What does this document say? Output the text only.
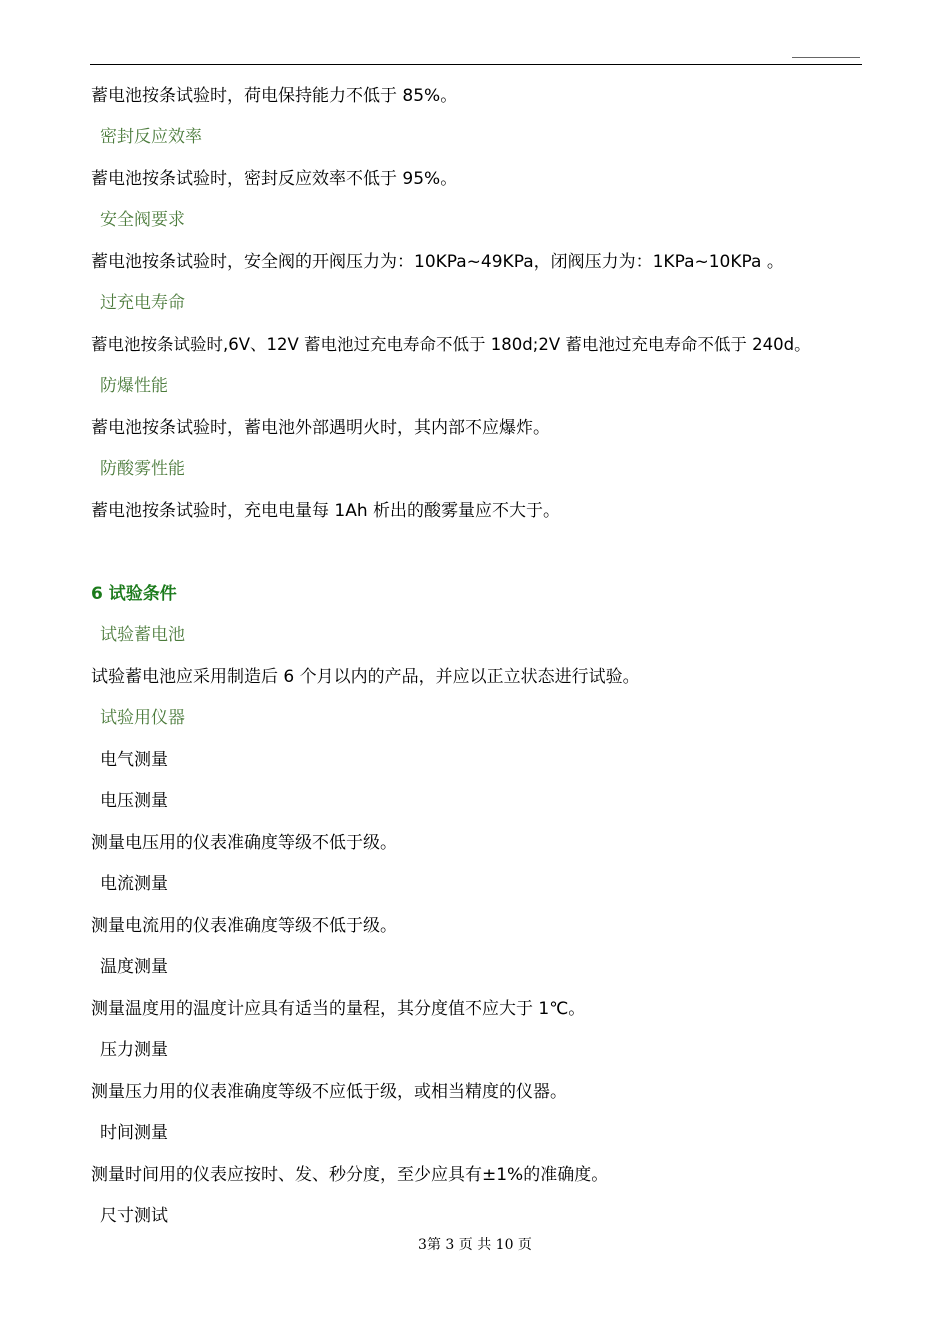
蓄电池按条试验时，荷电保持能力不低于 85%。
密封反应效率
蓄电池按条试验时，密封反应效率不低于 95%。
安全阀要求
蓄电池按条试验时，安全阀的开阀压力为：10KPa~49KPa，闭阀压力为：1KPa~10KPa 。
过充电寿命
蓄电池按条试验时,6V、12V 蓄电池过充电寿命不低于 180d;2V 蓄电池过充电寿命不低于 240d。
防爆性能
蓄电池按条试验时，蓄电池外部遇明火时，其内部不应爆炸。
防酸雾性能
蓄电池按条试验时，充电电量每 1Ah 析出的酸雾量应不大于。
6 试验条件
试验蓄电池
试验蓄电池应采用制造后 6 个月以内的产品，并应以正立状态进行试验。
试验用仪器
电气测量
电压测量
测量电压用的仪表准确度等级不低于级。
电流测量
测量电流用的仪表准确度等级不低于级。
温度测量
测量温度用的温度计应具有适当的量程，其分度值不应大于 1℃。
压力测量
测量压力用的仪表准确度等级不应低于级，或相当精度的仪器。
时间测量
测量时间用的仪表应按时、发、秒分度，至少应具有±1%的准确度。
尺寸测试
3第 3 页 共 10 页
